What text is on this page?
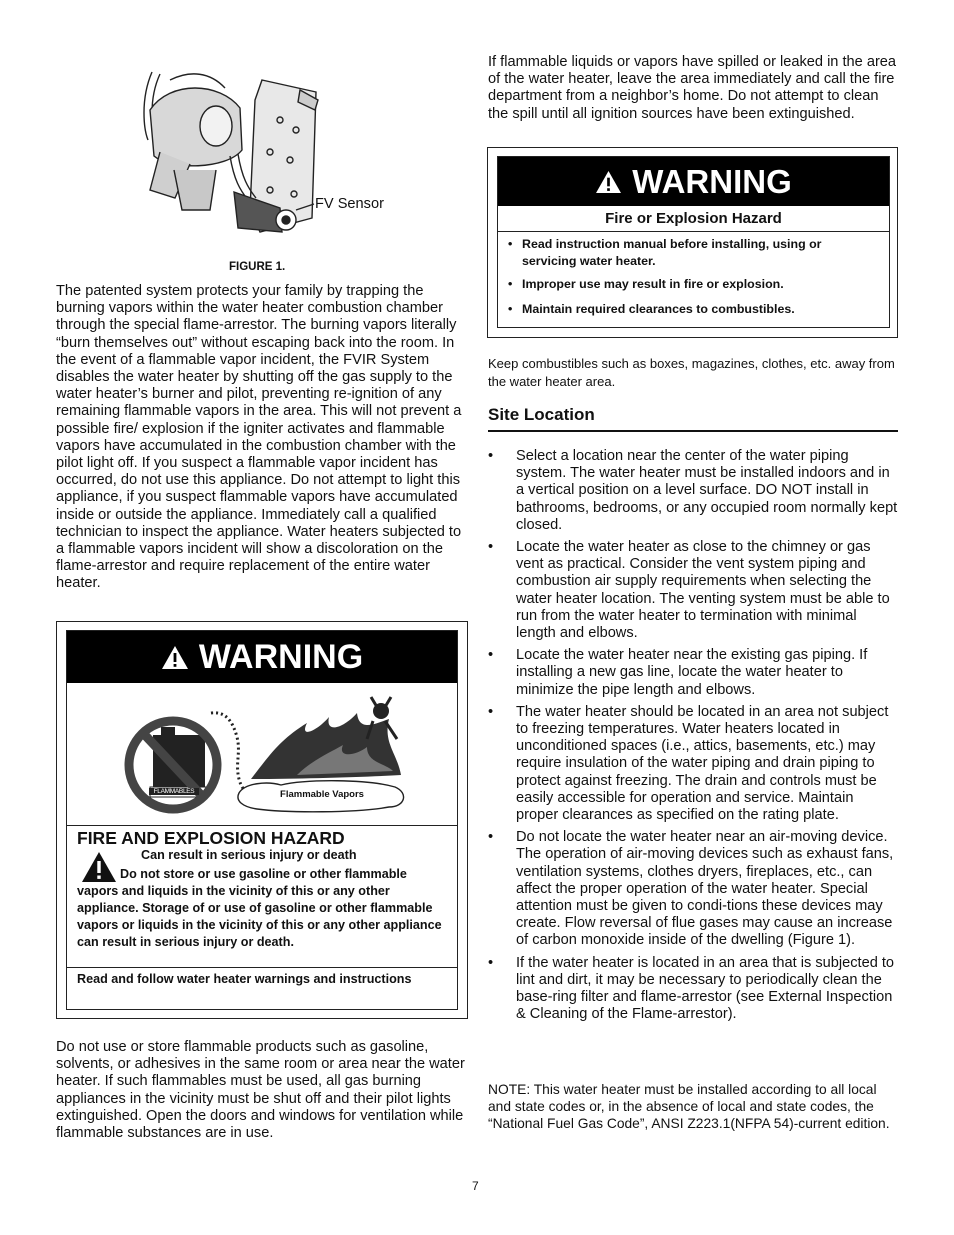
FV Sensor
FIGURE 1.
The patented system protects your family by trapping the burning vapors within the water heater combustion chamber through the special flame-arrestor. The burning vapors literally “burn themselves out” without escaping back into the room. In the event of a flammable vapor incident, the FVIR System disables the water heater by shutting off the gas supply to the water heater’s burner and pilot, preventing re-ignition of any remaining flammable vapors in the area. This will not prevent a possible fire/ explosion if the igniter activates and flammable vapors have accumulated in the combustion chamber with the pilot light off. If you suspect a flammable vapor incident has occurred, do not use this appliance. Do not attempt to light this appliance, if you suspect flammable vapors have accumulated inside or outside the appliance. Immediately call a qualified technician to inspect the appliance. Water heaters subjected to a flammable vapors incident will show a discoloration on the flame-arrestor and require replacement of the entire water heater.
WARNING
FLAMMABLES	Flammable Vapors
FIRE AND EXPLOSION HAZARD
Can result in serious injury or death
Do not store or use gasoline or other flammable vapors and liquids in the vicinity of this or any other appliance. Storage of or use of gasoline or other flammable vapors or liquids in the vicinity of this or any other appliance can result in serious injury or death.
Read and follow water heater warnings and instructions
Do not use or store flammable products such as gasoline, solvents, or adhesives in the same room or area near the water heater. If such flammables must be used, all gas burning appliances in the vicinity must be shut off and their pilot lights extinguished. Open the doors and windows for ventilation while flammable substances are in use.
If flammable liquids or vapors have spilled or leaked in the area of the water heater, leave the area immediately and call the fire department from a neighbor’s home. Do not attempt to clean the spill until all ignition sources have been extinguished.
WARNING
Fire or Explosion Hazard
• Read instruction manual before installing, using or servicing water heater.
• Improper use may result in fire or explosion.
• Maintain required clearances to combustibles.
Keep combustibles such as boxes, magazines, clothes, etc. away from the water heater area.
Site Location
• Select a location near the center of the water piping system. The water heater must be installed indoors and in a vertical position on a level surface. DO NOT install in bathrooms, bedrooms, or any occupied room normally kept closed.
• Locate the water heater as close to the chimney or gas vent as practical. Consider the vent system piping and combustion air supply requirements when selecting the water heater location. The venting system must be able to run from the water heater to termination with minimal length and elbows.
• Locate the water heater near the existing gas piping. If installing a new gas line, locate the water heater to minimize the pipe length and elbows.
• The water heater should be located in an area not subject to freezing temperatures. Water heaters located in unconditioned spaces (i.e., attics, basements, etc.) may require insulation of the water piping and drain piping to protect against freezing. The drain and controls must be easily accessible for operation and service. Maintain proper clearances as specified on the rating plate.
• Do not locate the water heater near an air-moving device. The operation of air-moving devices such as exhaust fans, ventilation systems, clothes dryers, fireplaces, etc., can affect the proper operation of the water heater. Special attention must be given to condi-tions these devices may create. Flow reversal of flue gases may cause an increase of carbon monoxide inside of the dwelling (Figure 1).
• If the water heater is located in an area that is subjected to lint and dirt, it may be necessary to periodically clean the base-ring filter and flame-arrestor (see External Inspection & Cleaning of the Flame-arrestor).
NOTE: This water heater must be installed according to all local and state codes or, in the absence of local and state codes, the “National Fuel Gas Code”, ANSI Z223.1(NFPA 54)-current edition.
7
